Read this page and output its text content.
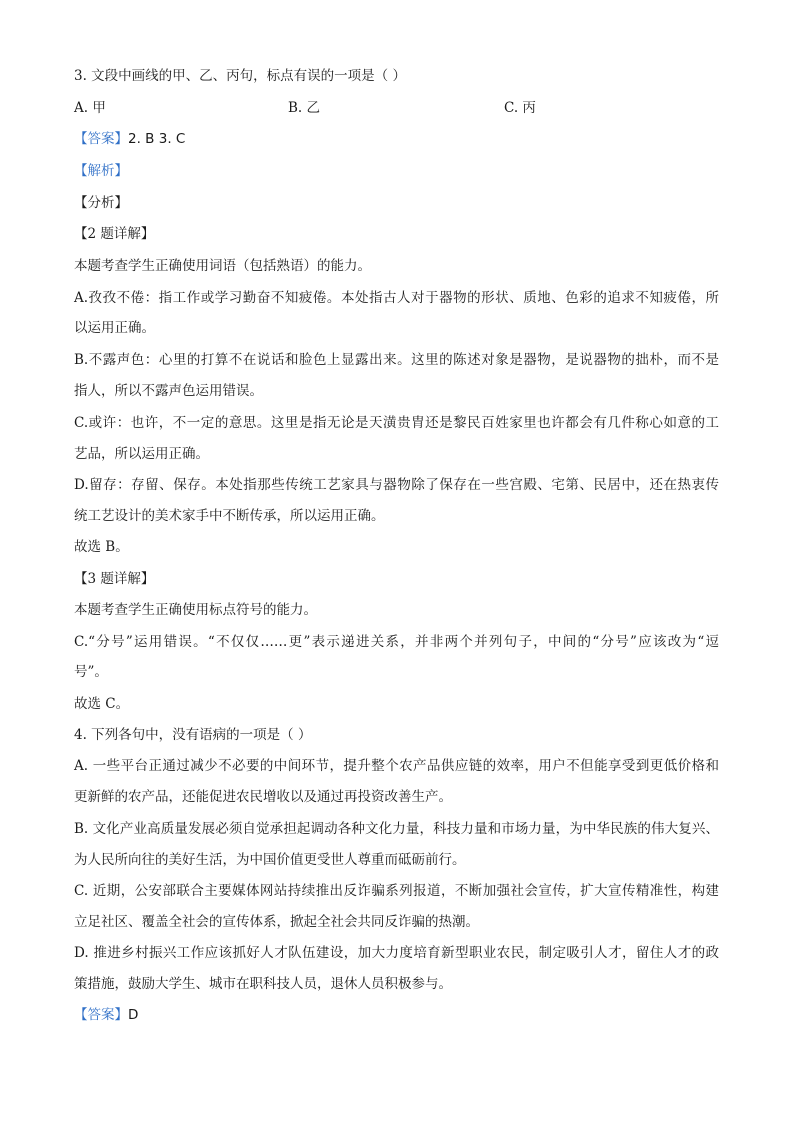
3. 文段中画线的甲、乙、丙句，标点有误的一项是（ ）
A. 甲	B. 乙	C. 丙
【答案】2. B 3. C
【解析】
【分析】
【2 题详解】
本题考查学生正确使用词语（包括熟语）的能力。
A.孜孜不倦：指工作或学习勤奋不知疲倦。本处指古人对于器物的形状、质地、色彩的追求不知疲倦，所
以运用正确。
B.不露声色：心里的打算不在说话和脸色上显露出来。这里的陈述对象是器物，是说器物的拙朴，而不是
指人，所以不露声色运用错误。
C.或许：也许，不一定的意思。这里是指无论是天潢贵胄还是黎民百姓家里也许都会有几件称心如意的工
艺品，所以运用正确。
D.留存：存留、保存。本处指那些传统工艺家具与器物除了保存在一些宫殿、宅第、民居中，还在热衷传
统工艺设计的美术家手中不断传承，所以运用正确。
故选 B。
【3 题详解】
本题考查学生正确使用标点符号的能力。
C.“分号”运用错误。“不仅仅……更”表示递进关系，并非两个并列句子，中间的“分号”应该改为“逗
号”。
故选 C。
4. 下列各句中，没有语病的一项是（ ）
A. 一些平台正通过减少不必要的中间环节，提升整个农产品供应链的效率，用户不但能享受到更低价格和
更新鲜的农产品，还能促进农民增收以及通过再投资改善生产。
B. 文化产业高质量发展必须自觉承担起调动各种文化力量，科技力量和市场力量，为中华民族的伟大复兴、
为人民所向往的美好生活，为中国价值更受世人尊重而砥砺前行。
C. 近期，公安部联合主要媒体网站持续推出反诈骗系列报道，不断加强社会宣传，扩大宣传精准性，构建
立足社区、覆盖全社会的宣传体系，掀起全社会共同反诈骗的热潮。
D. 推进乡村振兴工作应该抓好人才队伍建设，加大力度培育新型职业农民，制定吸引人才，留住人才的政
策措施，鼓励大学生、城市在职科技人员，退休人员积极参与。
【答案】D
